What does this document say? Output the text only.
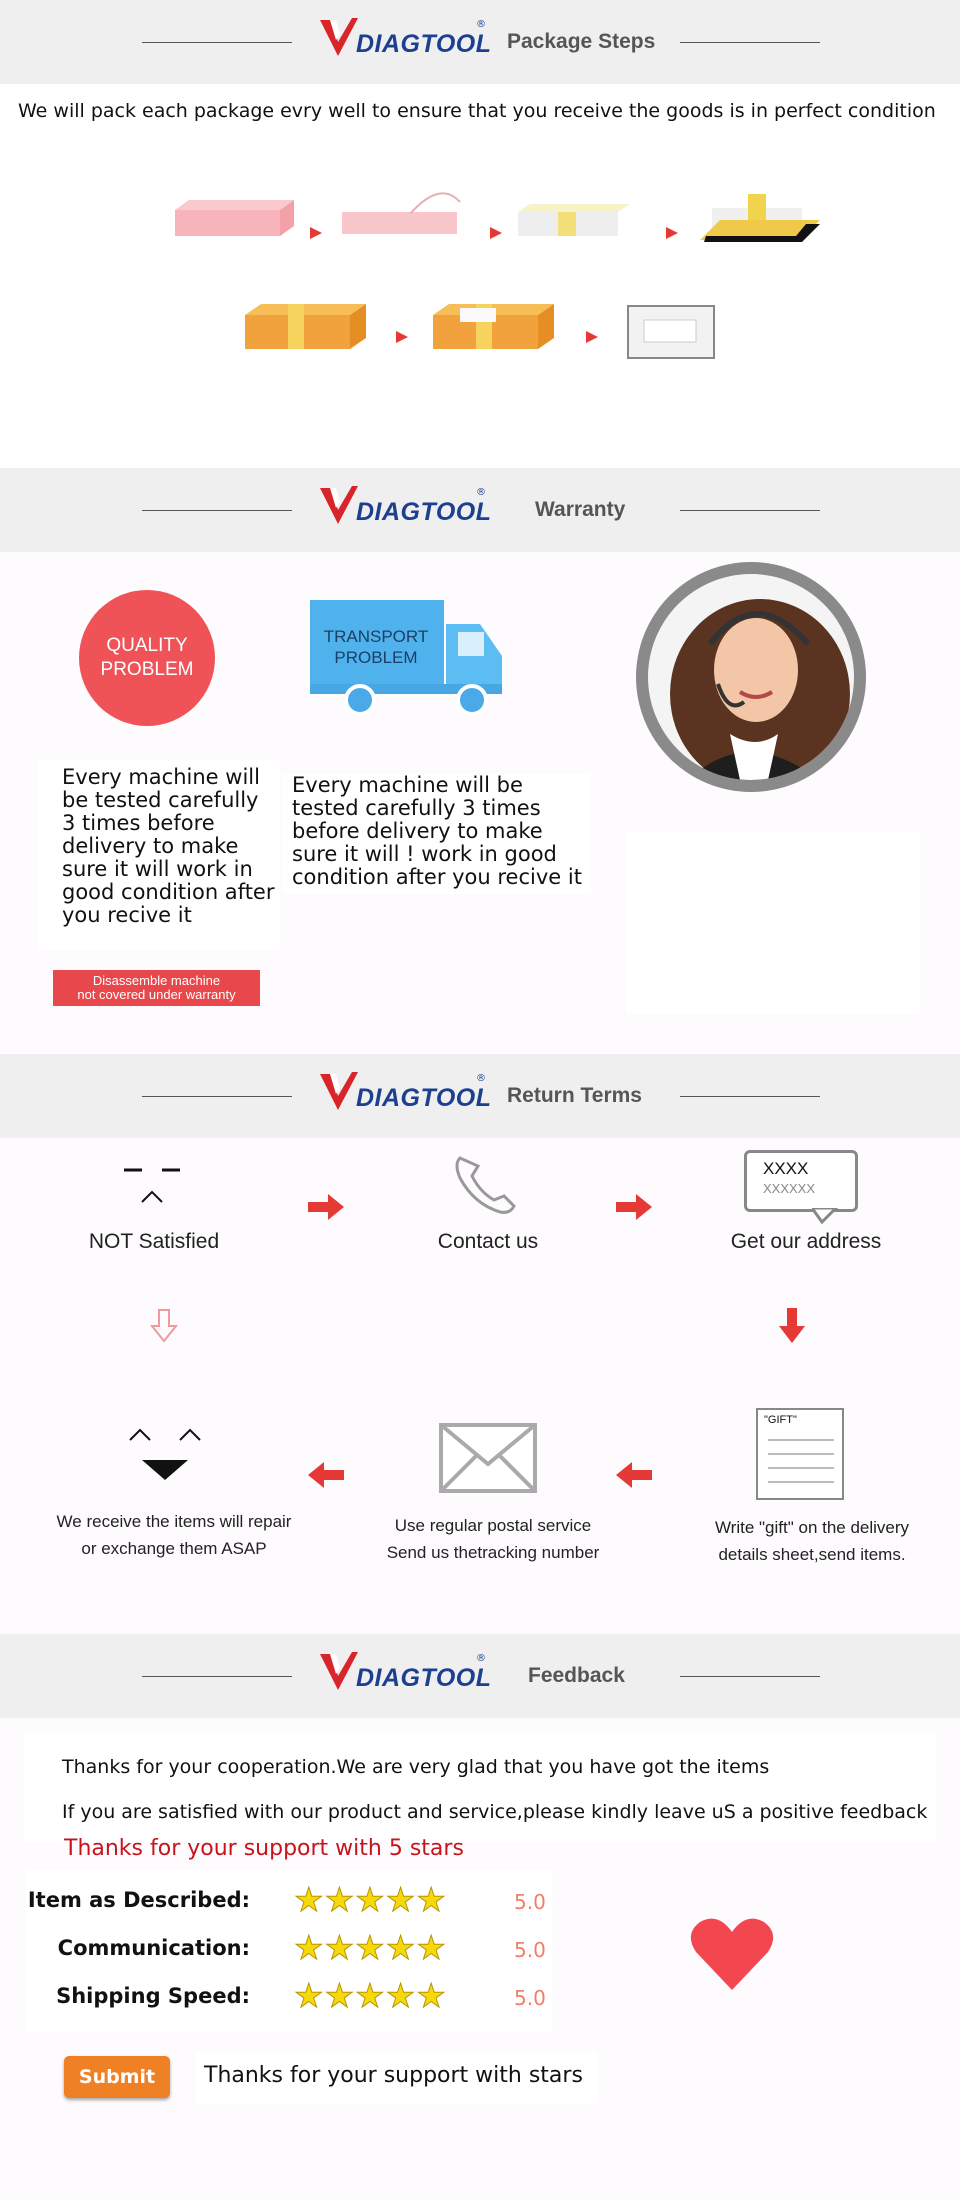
DIAGTOOL
®
Package Steps
We will pack each package evry well to ensure that you receive the goods is in perfect condition
DIAGTOOL
®
Warranty
QUALITY
PROBLEM
TRANSPORT
PROBLEM
Every machine will be tested carefully 3 times before delivery to make sure it will work in good condition after you recive it
Every machine will be tested carefully 3 times before delivery to make sure it will ! work in good condition after you recive it
Disassemble machine
not covered under warranty
DIAGTOOL
®
Return Terms
NOT Satisfied	Contact us
XXXX
XXXXXX
Get our address
We receive the items will repair
or exchange them ASAP
Use regular postal service
Send us thetracking number
"GIFT"
Write "gift" on the delivery
details sheet,send items.
DIAGTOOL
®
Feedback
Thanks for your cooperation.We are very glad that you have got the items
If you are satisfied with our product and service,please kindly leave uS a positive feedback
Thanks for your support with 5 stars
Item as Described: ★★★★★	5.0
Communication: ★★★★★	5.0
Shipping Speed: ★★★★★	5.0
Submit	Thanks for your support with stars
